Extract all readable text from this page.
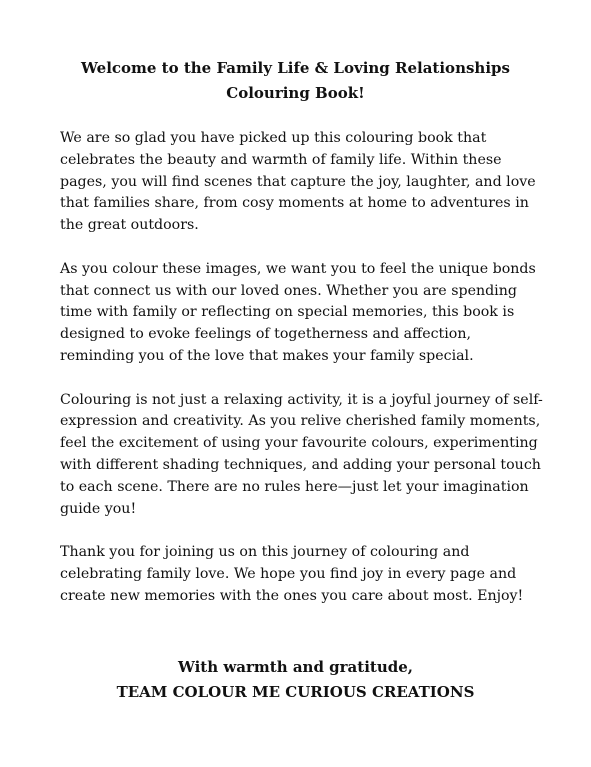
Welcome to the Family Life & Loving Relationships
Colouring Book!

We are so glad you have picked up this colouring book that celebrates the beauty and warmth of family life. Within these pages, you will find scenes that capture the joy, laughter, and love that families share, from cosy moments at home to adventures in the great outdoors.

As you colour these images, we want you to feel the unique bonds that connect us with our loved ones. Whether you are spending time with family or reflecting on special memories, this book is designed to evoke feelings of togetherness and affection, reminding you of the love that makes your family special.

Colouring is not just a relaxing activity, it is a joyful journey of self-expression and creativity. As you relive cherished family moments, feel the excitement of using your favourite colours, experimenting with different shading techniques, and adding your personal touch to each scene. There are no rules here—just let your imagination guide you!

Thank you for joining us on this journey of colouring and celebrating family love. We hope you find joy in every page and create new memories with the ones you care about most. Enjoy!

With warmth and gratitude,
TEAM COLOUR ME CURIOUS CREATIONS
